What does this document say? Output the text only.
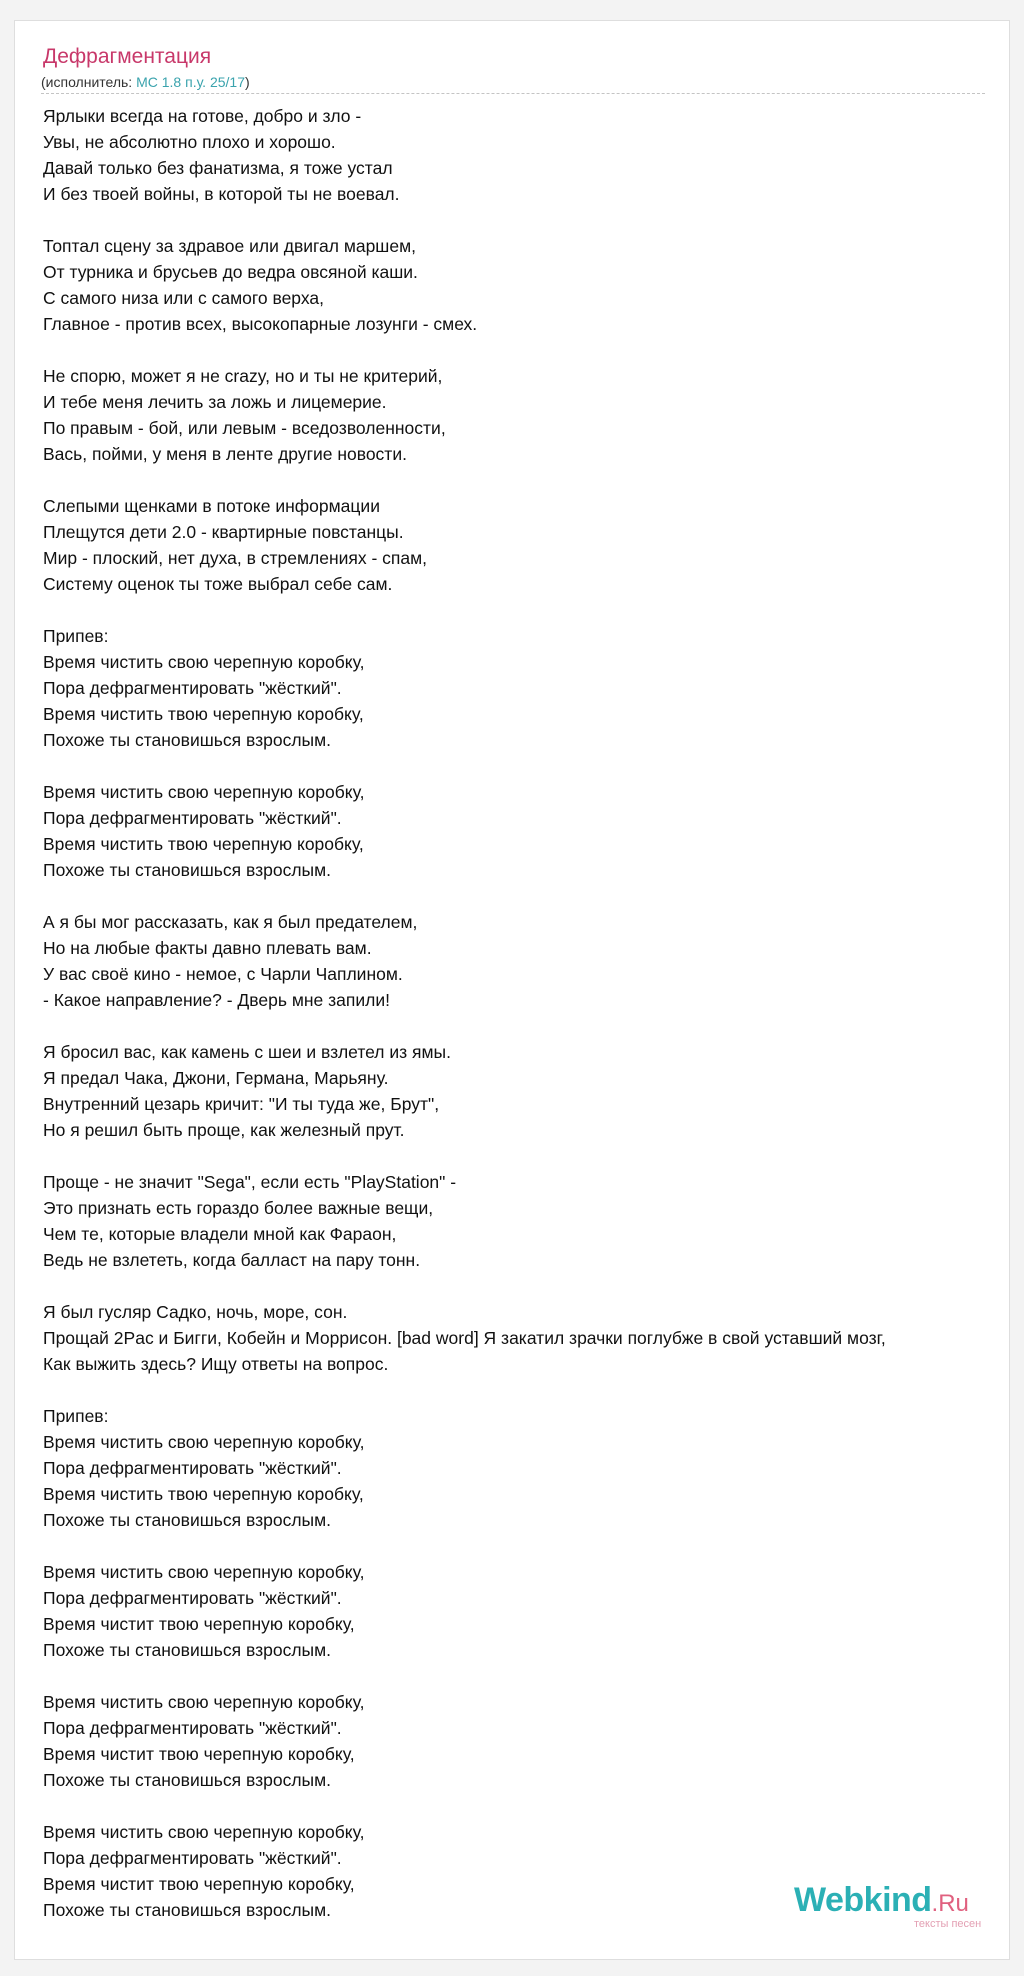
Дефрагментация
(исполнитель: MC 1.8 п.у. 25/17)
Ярлыки всегда на готове, добро и зло -
Увы, не абсолютно плохо и хорошо.
Давай только без фанатизма, я тоже устал
И без твоей войны, в которой ты не воевал.
Топтал сцену за здравое или двигал маршем,
От турника и брусьев до ведра овсяной каши.
С самого низа или с самого верха,
Главное - против всех, высокопарные лозунги - смех.
Не спорю, может я не crazy, но и ты не критерий,
И тебе меня лечить за ложь и лицемерие.
По правым - бой, или левым - вседозволенности,
Вась, пойми, у меня в ленте другие новости.
Слепыми щенками в потоке информации
Плещутся дети 2.0 - квартирные повстанцы.
Мир - плоский, нет духа, в стремлениях - спам,
Систему оценок ты тоже выбрал себе сам.
Припев:
Время чистить свою черепную коробку,
Пора дефрагментировать "жёсткий".
Время чистить твою черепную коробку,
Похоже ты становишься взрослым.
Время чистить свою черепную коробку,
Пора дефрагментировать "жёсткий".
Время чистить твою черепную коробку,
Похоже ты становишься взрослым.
А я бы мог рассказать, как я был предателем,
Но на любые факты давно плевать вам.
У вас своё кино - немое, с Чарли Чаплином.
- Какое направление? - Дверь мне запили!
Я бросил вас, как камень с шеи и взлетел из ямы.
Я предал Чака, Джони, Германа, Марьяну.
Внутренний цезарь кричит: "И ты туда же, Брут",
Но я решил быть проще, как железный прут.
Проще - не значит "Sega", если есть "PlayStation" -
Это признать есть гораздо более важные вещи,
Чем те, которые владели мной как Фараон,
Ведь не взлететь, когда балласт на пару тонн.
Я был гусляр Садко, ночь, море, сон.
Прощай 2Pac и Бигги, Кобейн и Моррисон. [bad word] Я закатил зрачки поглубже в свой уставший мозг,
Как выжить здесь? Ищу ответы на вопрос.
Припев:
Время чистить свою черепную коробку,
Пора дефрагментировать "жёсткий".
Время чистить твою черепную коробку,
Похоже ты становишься взрослым.
Время чистить свою черепную коробку,
Пора дефрагментировать "жёсткий".
Время чистит твою черепную коробку,
Похоже ты становишься взрослым.
Время чистить свою черепную коробку,
Пора дефрагментировать "жёсткий".
Время чистит твою черепную коробку,
Похоже ты становишься взрослым.
Время чистить свою черепную коробку,
Пора дефрагментировать "жёсткий".
Время чистит твою черепную коробку,
Похоже ты становишься взрослым.	Webkind.Ru
тексты песен
